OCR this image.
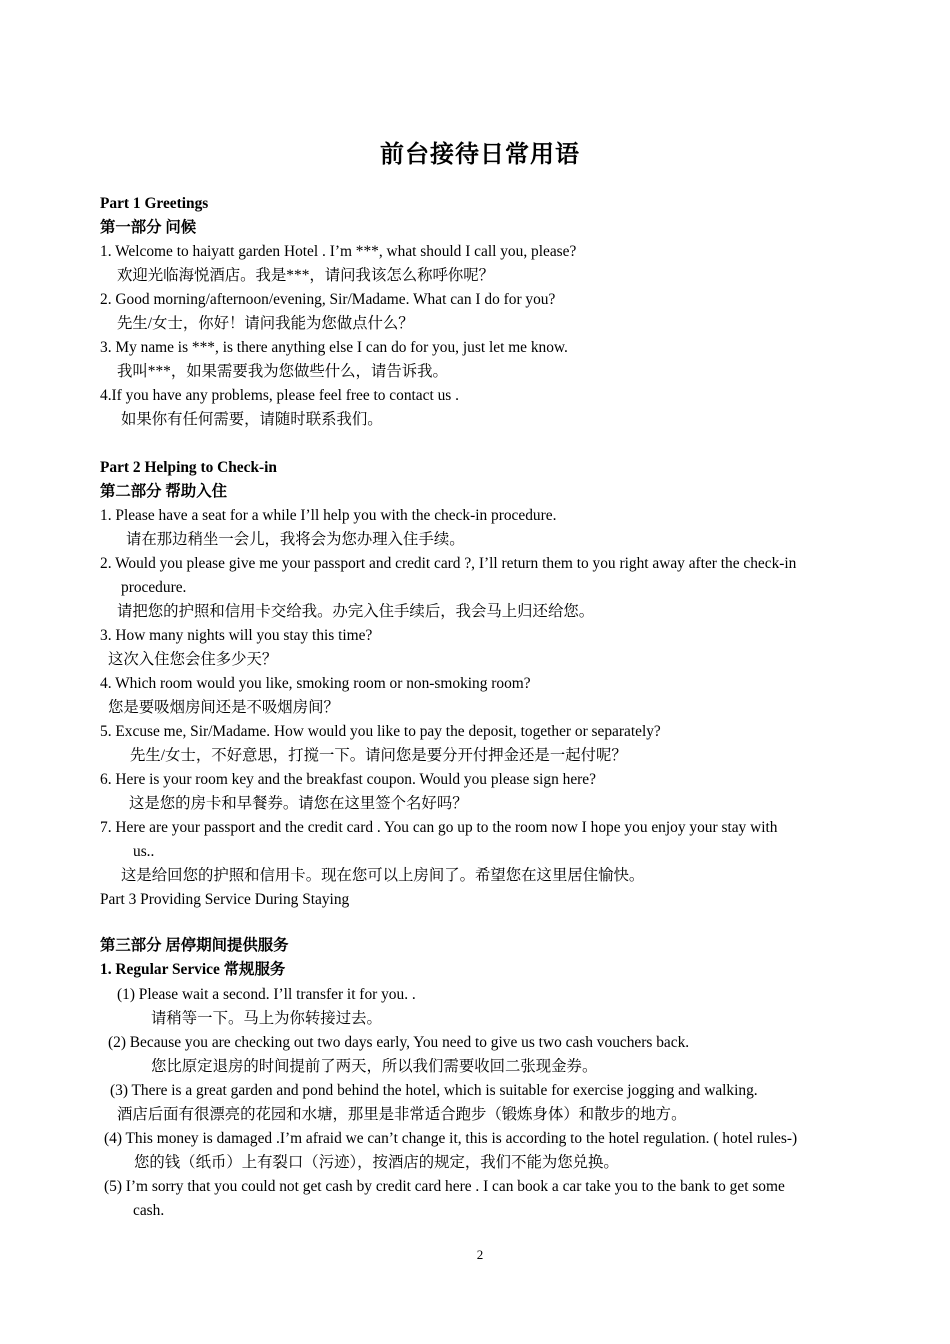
前台接待日常用语
Part 1 Greetings
第一部分 问候
1. Welcome to haiyatt garden Hotel . I’m ***, what should I call you, please?
欢迎光临海悦酒店。我是***，请问我该怎么称呼你呢？
2. Good morning/afternoon/evening, Sir/Madame. What can I do for you?
先生/女士，你好！请问我能为您做点什么？
3. My name is ***, is there anything else I can do for you, just let me know.
我叫***，如果需要我为您做些什么，请告诉我。
4.If you have any problems, please feel free to contact us .
如果你有任何需要，请随时联系我们。
Part 2 Helping to Check-in
第二部分 帮助入住
1. Please have a seat for a while I’ll help you with the check-in procedure.
请在那边稍坐一会儿，我将会为您办理入住手续。
2. Would you please give me your passport and credit card ?, I’ll return them to you right away after the check-in
procedure.
请把您的护照和信用卡交给我。办完入住手续后，我会马上归还给您。
3. How many nights will you stay this time?
这次入住您会住多少天？
4. Which room would you like, smoking room or non-smoking room?
您是要吸烟房间还是不吸烟房间？
5. Excuse me, Sir/Madame. How would you like to pay the deposit, together or separately?
先生/女士，不好意思，打搅一下。请问您是要分开付押金还是一起付呢？
6. Here is your room key and the breakfast coupon. Would you please sign here?
这是您的房卡和早餐券。请您在这里签个名好吗？
7. Here are your passport and the credit card . You can go up to the room now I hope you enjoy your stay with
us..
这是给回您的护照和信用卡。现在您可以上房间了。希望您在这里居住愉快。
Part 3 Providing Service During Staying
第三部分 居停期间提供服务
1. Regular Service 常规服务
(1) Please wait a second. I’ll transfer it for you. .
请稍等一下。马上为你转接过去。
(2) Because you are checking out two days early, You need to give us two cash vouchers back.
您比原定退房的时间提前了两天，所以我们需要收回二张现金券。
(3) There is a great garden and pond behind the hotel, which is suitable for exercise jogging and walking.
酒店后面有很漂亮的花园和水塘，那里是非常适合跑步（锻炼身体）和散步的地方。
(4) This money is damaged .I’m afraid we can’t change it, this is according to the hotel regulation. ( hotel rules-)
您的钱（纸币）上有裂口（污迹），按酒店的规定，我们不能为您兑换。
(5) I’m sorry that you could not get cash by credit card here . I can book a car take you to the bank to get some
cash.
2
